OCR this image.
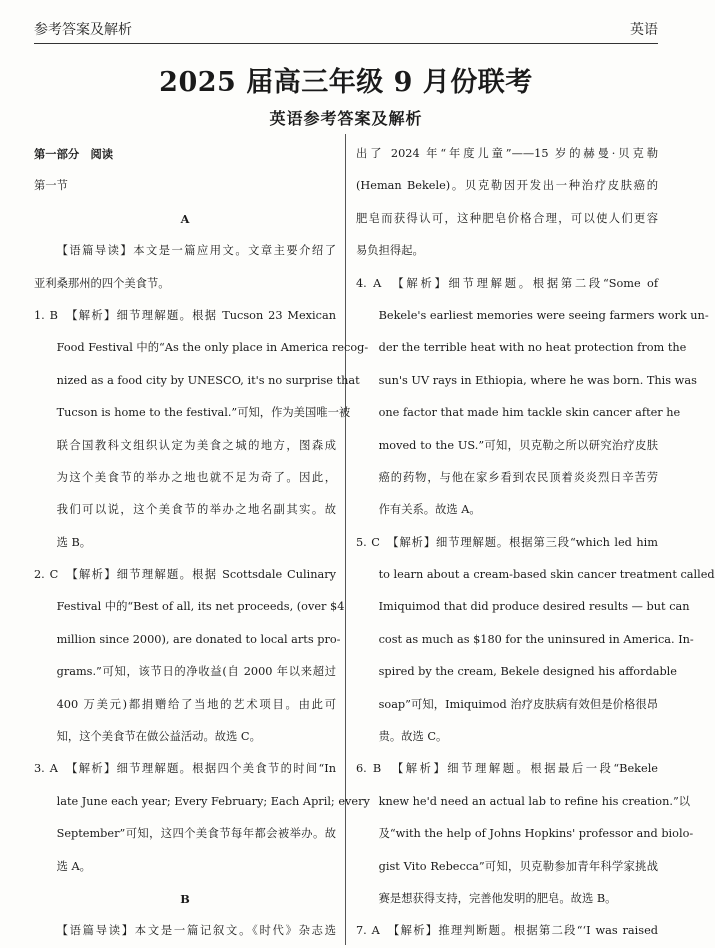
参考答案及解析	英语
2025 届高三年级 9 月份联考
英语参考答案及解析
第一部分　阅读
第一节
A
【语篇导读】本文是一篇应用文。文章主要介绍了
亚利桑那州的四个美食节。
1. B　【解析】细节理解题。根据 Tucson 23 Mexican
Food Festival 中的“As the only place in America recog-
nized as a food city by UNESCO, it's no surprise that
Tucson is home to the festival.”可知，作为美国唯一被
联合国教科文组织认定为美食之城的地方，图森成
为这个美食节的举办之地也就不足为奇了。因此，
我们可以说，这个美食节的举办之地名副其实。故
选 B。
2. C　【解析】细节理解题。根据 Scottsdale Culinary
Festival 中的“Best of all, its net proceeds, (over $4
million since 2000), are donated to local arts pro-
grams.”可知，该节日的净收益(自 2000 年以来超过
400 万美元)都捐赠给了当地的艺术项目。由此可
知，这个美食节在做公益活动。故选 C。
3. A　【解析】细节理解题。根据四个美食节的时间“In
late June each year; Every February; Each April; every
September”可知，这四个美食节每年都会被举办。故
选 A。
B
【语篇导读】本文是一篇记叙文。《时代》杂志选
出了 2024 年“年度儿童”——15 岁的赫曼·贝克勒
(Heman Bekele)。贝克勒因开发出一种治疗皮肤癌的
肥皂而获得认可，这种肥皂价格合理，可以使人们更容
易负担得起。
4. A　【解析】细节理解题。根据第二段“Some of
Bekele's earliest memories were seeing farmers work un-
der the terrible heat with no heat protection from the
sun's UV rays in Ethiopia, where he was born. This was
one factor that made him tackle skin cancer after he
moved to the US.”可知，贝克勒之所以研究治疗皮肤
癌的药物，与他在家乡看到农民顶着炎炎烈日辛苦劳
作有关系。故选 A。
5. C　【解析】细节理解题。根据第三段“which led him
to learn about a cream-based skin cancer treatment called
Imiquimod that did produce desired results — but can
cost as much as $180 for the uninsured in America. In-
spired by the cream, Bekele designed his affordable
soap”可知，Imiquimod 治疗皮肤病有效但是价格很昂
贵。故选 C。
6. B　【解析】细节理解题。根据最后一段“Bekele
knew he'd need an actual lab to refine his creation.”以
及“with the help of Johns Hopkins' professor and biolo-
gist Vito Rebecca”可知，贝克勒参加青年科学家挑战
赛是想获得支持，完善他发明的肥皂。故选 B。
7. A　【解析】推理判断题。根据第二段“‘I was raised
